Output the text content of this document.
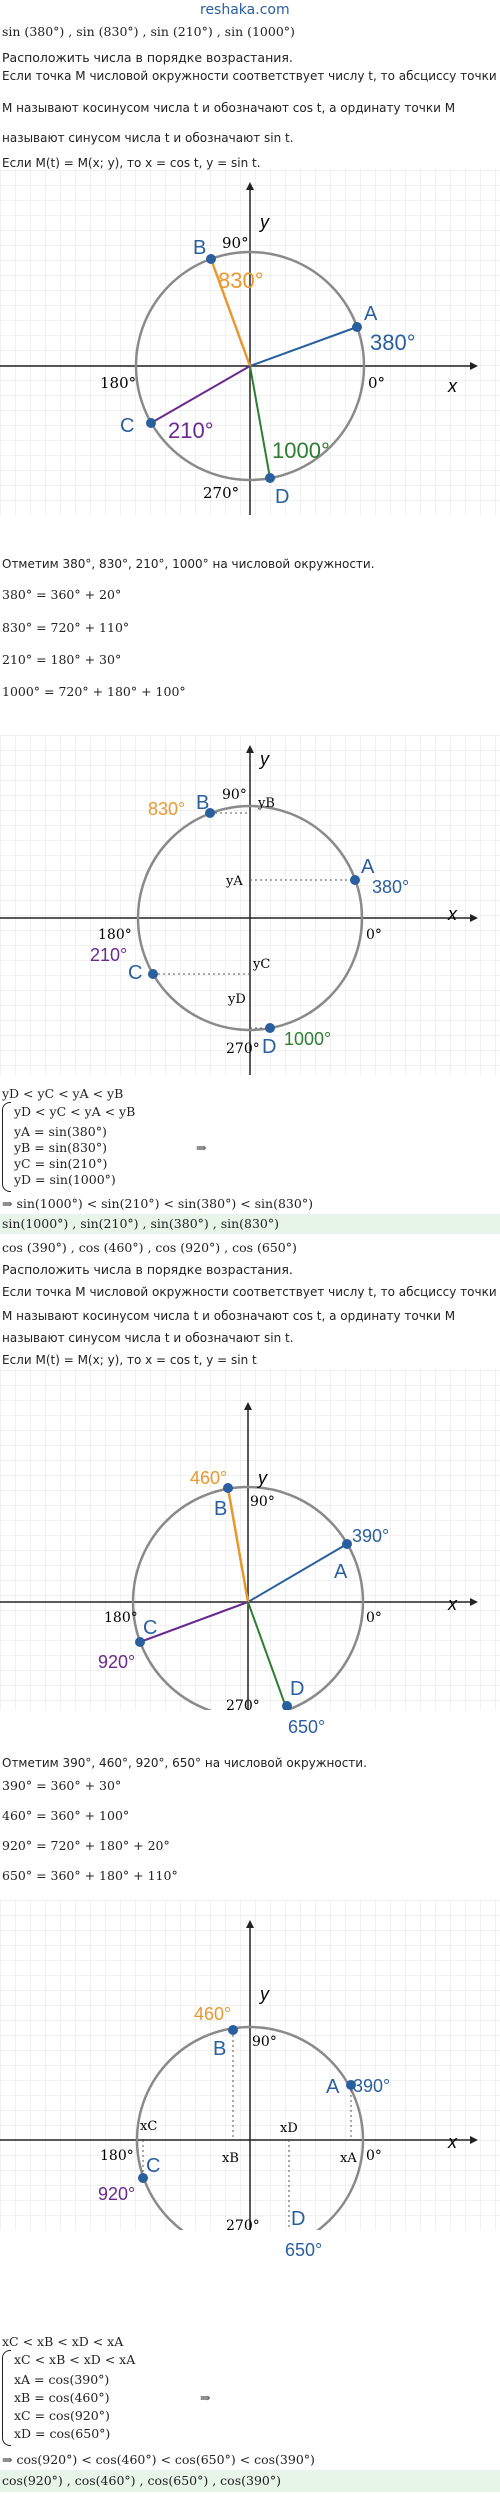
reshaka.com
sin (380°) , sin (830°) , sin (210°) , sin (1000°)
Расположить числа в порядке возрастания.
Если точка M числовой окружности соответствует числу t, то абсциссу точки
M называют косинусом числа t и обозначают cos t, а ординату точки M
называют синусом числа t и обозначают sin t.
Если M(t) = M(x; y), то x = cos t, y = sin t.
A
B
C
D
380°
830°
210°
1000°
90°
180°	0°
270°
x
y
Отметим 380°, 830°, 210°, 1000° на числовой окружности.
380° = 360° + 20°
830° = 720° + 110°
210° = 180° + 30°
1000° = 720° + 180° + 100°
A
B
C
D
380°
830°
210°
1000°
yB
yA
yC
yD
90°
180°	0°
270°
x
y
yD < yC < yA < yB
yD < yC < yA < yB
yA = sin(380°)
yB = sin(830°)
yC = sin(210°)
yD = sin(1000°)
⇒
⇒ sin(1000°) < sin(210°) < sin(380°) < sin(830°)
sin(1000°) , sin(210°) , sin(380°) , sin(830°)
cos (390°) , cos (460°) , cos (920°) , cos (650°)
Расположить числа в порядке возрастания.
Если точка M числовой окружности соответствует числу t, то абсциссу точки
M называют косинусом числа t и обозначают cos t, а ординату точки M
называют синусом числа t и обозначают sin t.
Если M(t) = M(x; y), то x = cos t, y = sin t
A
B
C
D
390°
460°
920°
90°
180°	0°
270°
x
y
650°
Отметим 390°, 460°, 920°, 650° на числовой окружности.
390° = 360° + 30°
460° = 360° + 100°
920° = 720° + 180° + 20°
650° = 360° + 180° + 110°
A
B
C
D
390°
460°
920°
xC
xB
xD
xA
90°
180°	0°
270°
x
y
650°
xC < xB < xD < xA
xC < xB < xD < xA
xA = cos(390°)
xB = cos(460°)
xC = cos(920°)
xD = cos(650°)
⇒
⇒ cos(920°) < cos(460°) < cos(650°) < cos(390°)
cos(920°) , cos(460°) , cos(650°) , cos(390°)
